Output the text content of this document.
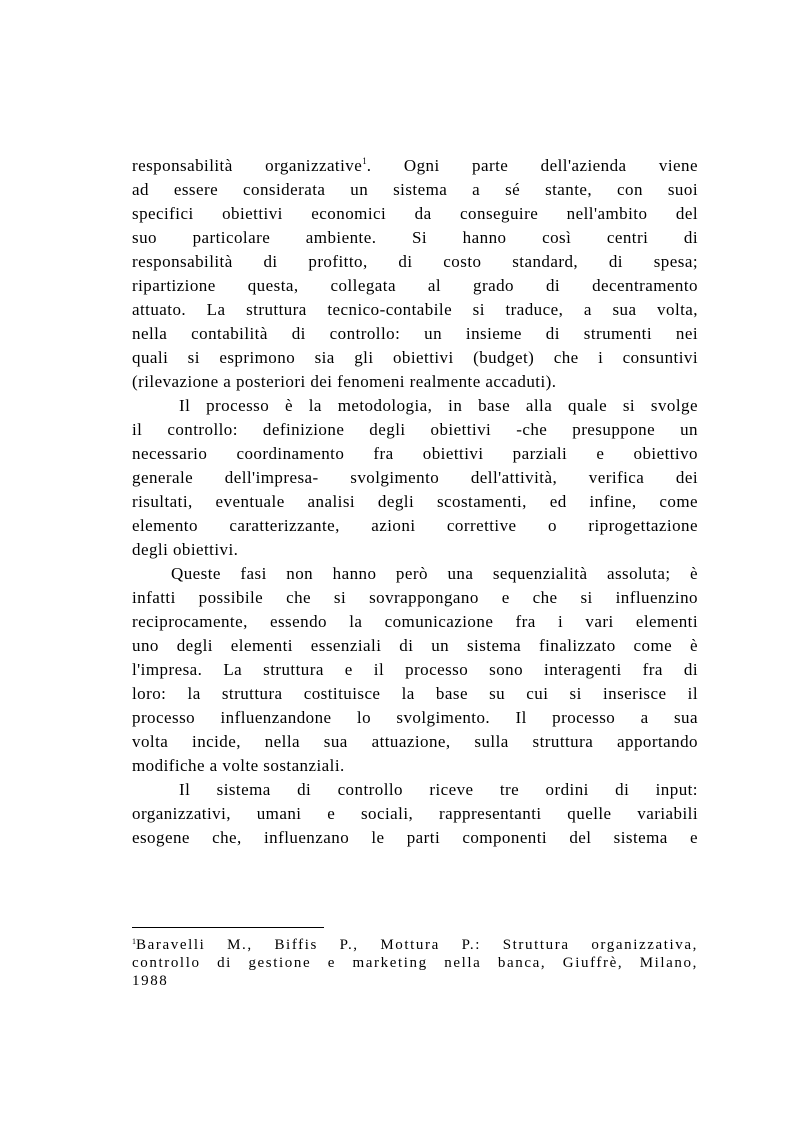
responsabilità organizzative$^1$. Ogni parte dell'azienda viene
ad essere considerata un sistema a sé stante, con suoi
specifici obiettivi economici da conseguire nell'ambito del
suo particolare ambiente. Si hanno così centri di
responsabilità di profitto, di costo standard, di spesa;
ripartizione questa, collegata al grado di decentramento
attuato. La struttura tecnico-contabile si traduce, a sua volta,
nella contabilità di controllo: un insieme di strumenti nei
quali si esprimono sia gli obiettivi (budget) che i consuntivi
(rilevazione a posteriori dei fenomeni realmente accaduti).
Il processo è la metodologia, in base alla quale si svolge
il controllo: definizione degli obiettivi -che presuppone un
necessario coordinamento fra obiettivi parziali e obiettivo
generale dell'impresa- svolgimento dell'attività, verifica dei
risultati, eventuale analisi degli scostamenti, ed infine, come
elemento caratterizzante, azioni correttive o riprogettazione
degli obiettivi.
Queste fasi non hanno però una sequenzialità assoluta; è
infatti possibile che si sovrappongano e che si influenzino
reciprocamente, essendo la comunicazione fra i vari elementi
uno degli elementi essenziali di un sistema finalizzato come è
l'impresa. La struttura e il processo sono interagenti fra di
loro: la struttura costituisce la base su cui si inserisce il
processo influenzandone lo svolgimento. Il processo a sua
volta incide, nella sua attuazione, sulla struttura apportando
modifiche a volte sostanziali.
Il sistema di controllo riceve tre ordini di input:
organizzativi, umani e sociali, rappresentanti quelle variabili
esogene che, influenzano le parti componenti del sistema e
$^1$Baravelli M., Biffis P., Mottura P.: Struttura organizzativa,
controllo di gestione e marketing nella banca, Giuffrè, Milano,
1988
